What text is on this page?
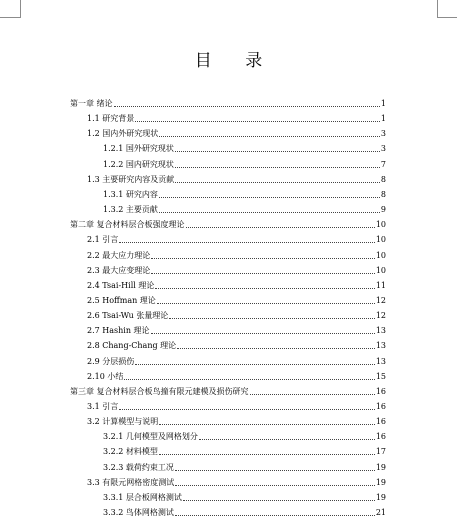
目 录
第一章 绪论	1
1.1 研究背景	1
1.2 国内外研究现状	3
1.2.1 国外研究现状	3
1.2.2 国内研究现状	7
1.3 主要研究内容及贡献	8
1.3.1 研究内容	8
1.3.2 主要贡献	9
第二章 复合材料层合板强度理论	10
2.1 引言	10
2.2 最大应力理论	10
2.3 最大应变理论	10
2.4 Tsai-Hill 理论	11
2.5 Hoffman 理论	12
2.6 Tsai-Wu 张量理论	12
2.7 Hashin 理论	13
2.8 Chang-Chang 理论	13
2.9 分层损伤	13
2.10 小结	15
第三章 复合材料层合板鸟撞有限元建模及损伤研究	16
3.1 引言	16
3.2 计算模型与说明	16
3.2.1 几何模型及网格划分	16
3.2.2 材料模型	17
3.2.3 载荷约束工况	19
3.3 有限元网格密度测试	19
3.3.1 层合板网格测试	19
3.3.2 鸟体网格测试	21
